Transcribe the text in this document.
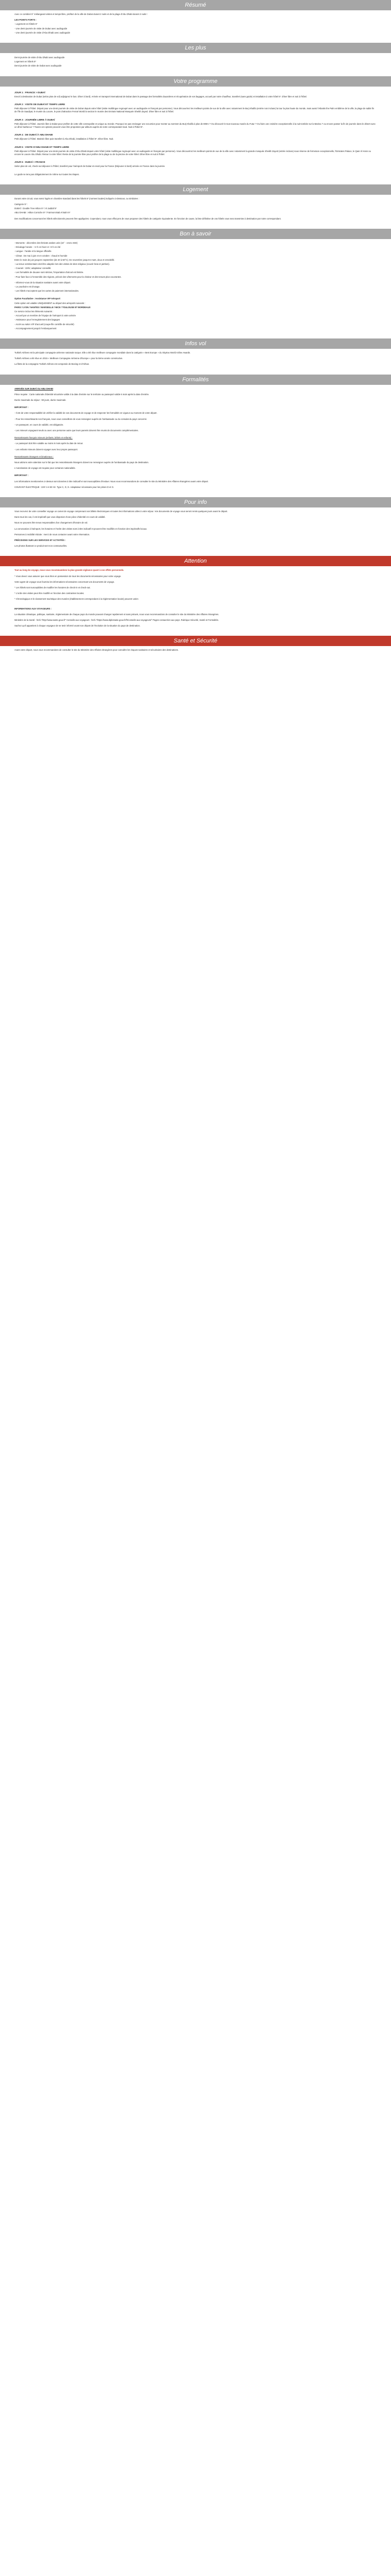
Résumé

Avec ce combiné 5° mélangeant visites et temps libre, profitez de la ville de Dubaï durant 2 nuits et de la plage d'Abu Dhabi durant 2 nuits !

LES POINTS FORTS :

- Logement en hôtels 5*
- Une demi-journée de visite de Dubaï avec audioguide
- Une demi-journée de visite d'Abu Dhabi avec audioguide
Les plus
Demi-journée de visite d'Abu Dhabi avec audioguide
Logement en hôtels 5*
Demi-journée de visite de Dubaï avec audioguide
Votre programme

JOUR 1 : FRANCE > DUBAÏ

Envol à destination de Dubaï (selon plan de vol) adjoignez le bus. Dîner à bord). Arrivée et transport international de Dubaï dans le passage des formalités douanières et récupération de vos bagages, accueil par notre chauffeur, transfert (sans guide) et installation à votre hôtel 5*. Dîner libre et nuit à l'hôtel.

JOUR 2 : VISITE DE DUBAÏ ET TEMPS LIBRE

Petit déjeuner à l'hôtel. Départ pour une demi-journée de visite de Dubaï depuis votre hôtel (visite multilingue regroupé avec un audioguide en français par personne). Vous découvrirez les meilleurs points de vue de la ville avec notamment le Burj Khalifa (entrée non incluse) la tour la plus haute du monde, mais aussi l'Atlantis the Palm emblème de la ville, la plage de sable fin de l'île de Saadiyat, le musée du Louvre, le pont d'attraction Ferrari World la section le musée des Emirats National Mosquée Sheikh Zayed. Dîner libre et nuit à l'hôtel.

JOUR 3 : JOURNÉE LIBRE À DUBAÏ

Petit déjeuner à l'hôtel. Journée libre à Dubaï pour profiter de cette ville cosmopolite et unique au monde. Pourquoi ne pas envisager une excursion pour monter au sommet du Burj Khalifa à plus de 800m ? Ou découvrir le tout nouveau musée du Futur ? Ou faire une croisière exceptionnelle à la nuit tombée sur la Marina ? ou encore passer la fin de journée dans le désert avec un dîner barbecue ? Toutes ces options peuvent vous être proposées par ailleurs auprès de notre correspondant local. Nuit à l'hôtel 5*.

JOUR 4 : DE DUBAÏ À ABU DHABI

Petit déjeuner à l'hôtel. Matinée libre puis transfert à Abu Dhabi, installation à l'hôtel 5*. Dîner libre. Nuit.

JOUR 5 : VISITE D'ABU DHABI ET TEMPS LIBRE

Petit déjeuner à l'hôtel. Départ pour une demi-journée de visite d'Abu Dhabi depuis votre hôtel (visite multilingue regroupé avec un audioguide en français par personne). Vous découvrirez les meilleurs points de vue de la ville avec notamment la grande mosquée Sheikh Zayed (entrée incluse) sous réserve de fermeture exceptionnelle, l'Emirates Palace, le Qasr Al Hosn ou encore le Louvre Abu Dhabi. Retour à votre hôtel. Reste de la journée libre pour profiter de la plage ou de la piscine de votre hôtel. Dîner libre et nuit à l'hôtel.

JOUR 6 : DUBAÏ > FRANCE

Selon plan de vol, check-out déjeuner à l'hôtel, transfert pour l'aéroport de Dubaï et envol pour la France (Déjeuner à bord) arrivée en France dans la journée.

Le guide se tera pas obligatoirement le même sur toutes les étapes.

Logement

Durant votre circuit, vous serez logés en chambre standard dans les hôtels 5* (normes locales) indiqués ci-dessous, ou similaires :

Catégorie 5* :
DUBAÏ : Double Tree Hilton 5* / Al Jaddaf 5*
ABU DHABI : Hilton Corniche 5* / Fairmont Bab Al Bahr 5*

Des modifications concernant les hôtels sélectionnés peuvent être appliquées. Cependant, nous vous efforçons de vous proposer des hôtels de catégorie équivalente. En fonction de cause, la liste définitive de vos hôtels vous sera transmise à destination par notre correspondant.

Bon à savoir

- Moments - décembre des Émirats arabes unis (16° - 4.621 AED)

- Décalage horaire : +2 h en hiver et +3 h en été
- Langue : l'arabe et la langue officielle.
- Climat : De mai à juin et en octobre : chaud et humide
Entre le mois de juin jusqu'en septembre (de 40 à 50°C). De novembre jusqu'en mars, doux et ensoleillé.
- La tenue vestimentaire doit être adaptée lors des visites de sites religieux (couvrir bras et jambes).
- Courant : 220V, adaptateur conseillé.
- Les formalités de douane sont strictes, l'importation d'alcool est limitée.
- Pour faire face à l'ensemble des régions, prévoir des vêtements pour la chaleur et des tenues plus couvrantes.
- Informez-vous de la situation sanitaire avant votre départ.
- Le pourboire est d'usage.
- Les hôtels n'acceptent que les cartes de paiement internationales.

Option Facultative : Assistance VIP Aéroport

Cette option est valable UNIQUEMENT au départ des aéroports suivants :

PARIS / LYON / NANTES / MARSEILLE / NICE / TOULOUSE ET BORDEAUX

Ce service inclus les éléments suivants :

- Accueil par un membre de l'équipe de l'aéroport à votre arrivée
- Assistance pour l'enregistrement des bagages
- Accès au salon VIP d'accueil (coupe-file contrôle de sécurité)
- Accompagnement jusqu'à l'embarquement
Infos vol

Turkish Airlines est la principale compagnie aérienne nationale turque. Elle a été élue meilleure compagnie mondiale dans la catégorie « Best Europe » du Skytrax World Airline Awards.

Turkish Airlines a été élue en 2015 « Meilleure Compagnie Aérienne d'Europe » pour la 5ème année consécutive.

La flotte de la compagnie Turkish Airlines est composée de Boeing et d'Airbus.

Formalités

ARRIVÉE SUR DUBAÏ OU ABU DHABI

Pièce requise : Carte nationale d'identité sécurisée valide à la date d'entrée sur le territoire ou passeport valide 6 mois après la date d'entrée.

Durée maximale du séjour : 90 jours, durée maximale.

IMPORTANT :

- Il est de votre responsabilité de vérifier la validité de vos documents de voyage et de respecter les formalités en vigueur au moment de votre départ.

- Pour les ressortissants non français, nous vous conseillons de vous renseigner auprès de l'ambassade ou du consulat du pays concerné.

- Un passeport, en cours de validité, est obligatoire.

- Les mineurs voyageant seuls ou avec une personne autre que leurs parents doivent être munis de documents complémentaires.

Ressortissants français mineurs (enfants, bébés et enfants) :

- Le passeport doit être valable au moins 6 mois après la date de retour.

- Les enfants mineurs doivent voyager avec leur propre passeport.

Ressortissants étrangers et binationaux :

Nous attirons votre attention sur le fait que les ressortissants étrangers doivent se renseigner auprès de l'ambassade du pays de destination.

L'Autorisation de voyage est requise pour certaines nationalités.

IMPORTANT :

Les informations mentionnées ci-dessus sont données à titre indicatif et sont susceptibles d'évoluer. Nous vous recommandons de consulter le site du Ministère des Affaires étrangères avant votre départ.

COURANT ÉLECTRIQUE : 220 V et 50 Hz. Type C, D, G. Adaptateur nécessaire pour les prises D et G.

Pour info

Vous recevrez de votre conseiller voyage un carnet de voyage comprenant vos billets électroniques et toutes les informations utiles à votre séjour. Vos documents de voyage vous seront remis quelques jours avant le départ.

Dans tous les cas, il est impératif que vous disposiez d'une pièce d'identité en cours de validité.

Nous ne pouvons être tenus responsables d'un changement d'horaire de vol.

La convocation à l'aéroport, les horaires et l'ordre des visites sont à titre indicatif et peuvent être modifiés en fonction des impératifs locaux.

Personnes à mobilité réduite : merci de nous contacter avant votre réservation.

PRÉCISIONS SUR LES SERVICES ET ACTIVITÉS :

Les photos illustrant ce produit sont non contractuelles.

Attention

Tout au long du voyage, nous vous recommandons la plus grande vigilance quant à vos effets personnels.

* Vous devez vous assurer que vous êtes en possession de tous les documents nécessaires pour votre voyage.

Votre agent de voyage vous fournira les informations nécessaires concernant vos documents de voyage.

* Les hôtels sont susceptibles de modifier les horaires de check-in et check-out.

* L'ordre des visites peut être modifié en fonction des contraintes locales.

* Chronologique et le classement touristique des musées (établissement correspondant à la réglementation locale) peuvent varier.

INFORMATIONS AUX VOYAGEURS :

La situation climatique, politique, sanitaire, réglementaire de chaque pays du monde pouvant changer rapidement et sans préavis, nous vous recommandons de consulter le site du Ministère des Affaires étrangères.

Ministère de la Santé : href="http://www.sante.gouv.fr" Conseils aux voyageurs : href="https://www.diplomatie.gouv.fr/fr/conseils-aux-voyageurs/" Pages consacrées aux pays. Rubrique Sécurité, Santé et Formalités.

Sachez qu'il appartient à chaque voyageur de se tenir informé avant son départ de l'évolution de la situation du pays de destination.

Santé et Sécurité

Avant votre départ, nous vous recommandons de consulter le site du Ministère des Affaires étrangères pour connaître les risques sanitaires et sécuritaires des destinations.
